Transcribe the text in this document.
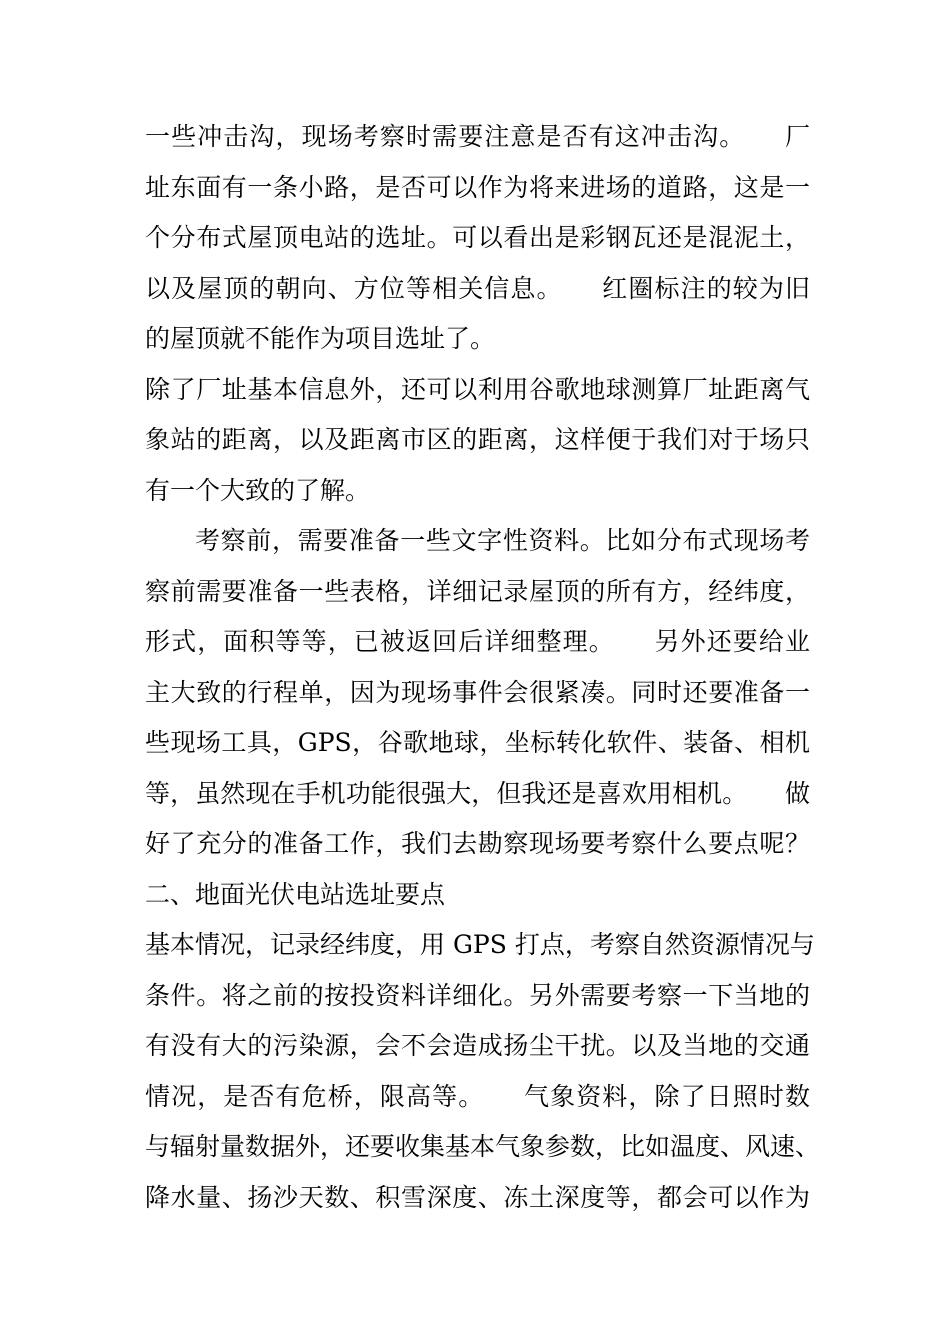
一些冲击沟，现场考察时需要注意是否有这冲击沟。　　厂
址东面有一条小路，是否可以作为将来进场的道路，这是一
个分布式屋顶电站的选址。可以看出是彩钢瓦还是混泥土，
以及屋顶的朝向、方位等相关信息。　　红圈标注的较为旧
的屋顶就不能作为项目选址了。
除了厂址基本信息外，还可以利用谷歌地球测算厂址距离气
象站的距离，以及距离市区的距离，这样便于我们对于场只
有一个大致的了解。
考察前，需要准备一些文字性资料。比如分布式现场考
察前需要准备一些表格，详细记录屋顶的所有方，经纬度，
形式，面积等等，已被返回后详细整理。　　另外还要给业
主大致的行程单，因为现场事件会很紧凑。同时还要准备一
些现场工具，GPS，谷歌地球，坐标转化软件、装备、相机
等，虽然现在手机功能很强大，但我还是喜欢用相机。　　做
好了充分的准备工作，我们去勘察现场要考察什么要点呢？
二、地面光伏电站选址要点
基本情况，记录经纬度，用 GPS 打点，考察自然资源情况与
条件。将之前的按投资料详细化。另外需要考察一下当地的
有没有大的污染源，会不会造成扬尘干扰。以及当地的交通
情况，是否有危桥，限高等。　　气象资料，除了日照时数
与辐射量数据外，还要收集基本气象参数，比如温度、风速、
降水量、扬沙天数、积雪深度、冻土深度等，都会可以作为
